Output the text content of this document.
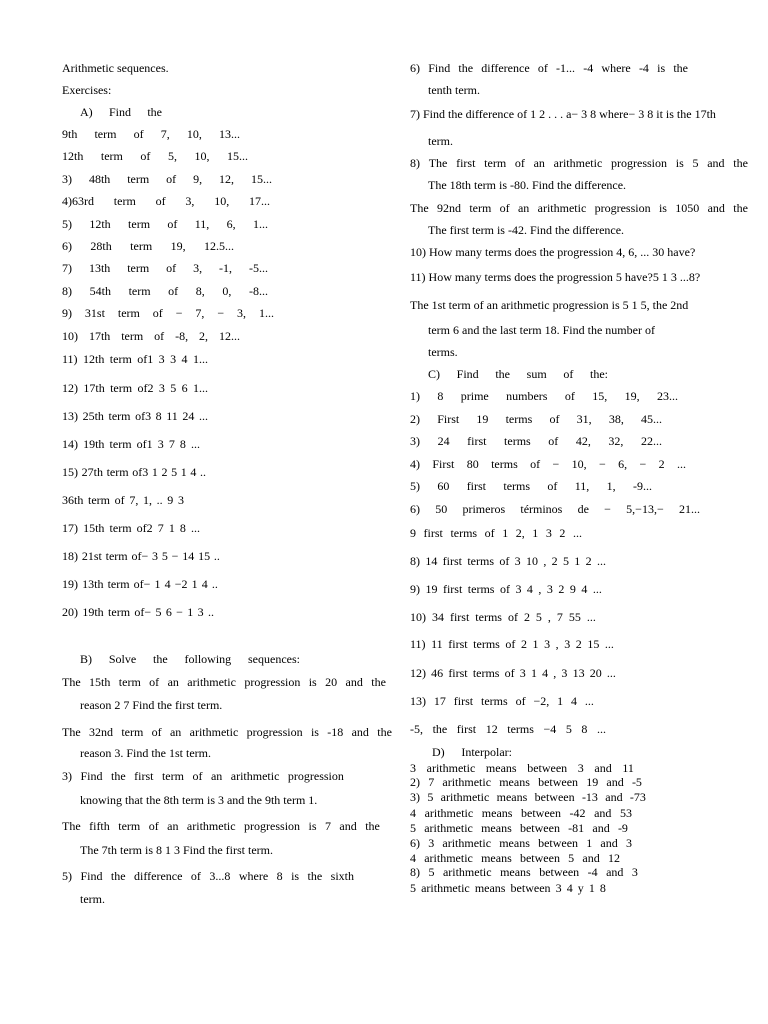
Arithmetic sequences.
Exercises:
A) Find the
9th term of 7, 10, 13...
12th term of 5, 10, 15...
3) 48th term of 9, 12, 15...
4)63rd term of 3, 10, 17...
5) 12th term of 11, 6, 1...
6) 28th term 19, 12.5...
7) 13th term of 3, -1, -5...
8) 54th term of 8, 0, -8...
9) 31st term of − 7, − 3, 1...
10) 17th term of -8, 2, 12...
11) 12th term of1 3 3 4 1...
12) 17th term of2 3 5 6 1...
13) 25th term of3 8 11 24 ...
14) 19th term of1 3 7 8 ...
15) 27th term of3 1 2 5 1 4 ..
36th term of 7, 1, .. 9 3
17) 15th term of2 7 1 8 ...
18) 21st term of− 3 5 − 14 15 ..
19) 13th term of− 1 4 −2 1 4 ..
20) 19th term of− 5 6 − 1 3 ..
B) Solve the following sequences:
The 15th term of an arithmetic progression is 20 and the
reason 2 7 Find the first term.
The 32nd term of an arithmetic progression is -18 and the
reason 3. Find the 1st term.
3) Find the first term of an arithmetic progression
knowing that the 8th term is 3 and the 9th term 1.
The fifth term of an arithmetic progression is 7 and the
The 7th term is 8 1 3 Find the first term.
5) Find the difference of 3...8 where 8 is the sixth
term.
6) Find the difference of -1... -4 where -4 is the
tenth term.
7) Find the difference of 1 2 . . . a− 3 8 where− 3 8 it is the 17th
term.
8) The first term of an arithmetic progression is 5 and the
The 18th term is -80. Find the difference.
The 92nd term of an arithmetic progression is 1050 and the
The first term is -42. Find the difference.
10) How many terms does the progression 4, 6, ... 30 have?
11) How many terms does the progression 5 have?5 1 3 ...8?
The 1st term of an arithmetic progression is 5 1 5, the 2nd
term 6 and the last term 18. Find the number of
terms.
C) Find the sum of the:
1) 8 prime numbers of 15, 19, 23...
2) First 19 terms of 31, 38, 45...
3) 24 first terms of 42, 32, 22...
4) First 80 terms of − 10, − 6, − 2 ...
5) 60 first terms of 11, 1, -9...
6) 50 primeros términos de − 5,−13,− 21...
9 first terms of 1 2, 1 3 2 ...
8) 14 first terms of 3 10 , 2 5 1 2 ...
9) 19 first terms of 3 4 , 3 2 9 4 ...
10) 34 first terms of 2 5 , 7 55 ...
11) 11 first terms of 2 1 3 , 3 2 15 ...
12) 46 first terms of 3 1 4 , 3 13 20 ...
13) 17 first terms of −2, 1 4 ...
-5, the first 12 terms −4 5 8 ...
D) Interpolar:
3 arithmetic means between 3 and 11
2) 7 arithmetic means between 19 and -5
3) 5 arithmetic means between -13 and -73
4 arithmetic means between -42 and 53
5 arithmetic means between -81 and -9
6) 3 arithmetic means between 1 and 3
4 arithmetic means between 5 and 12
8) 5 arithmetic means between -4 and 3
5 arithmetic means between 3 4 y 1 8
